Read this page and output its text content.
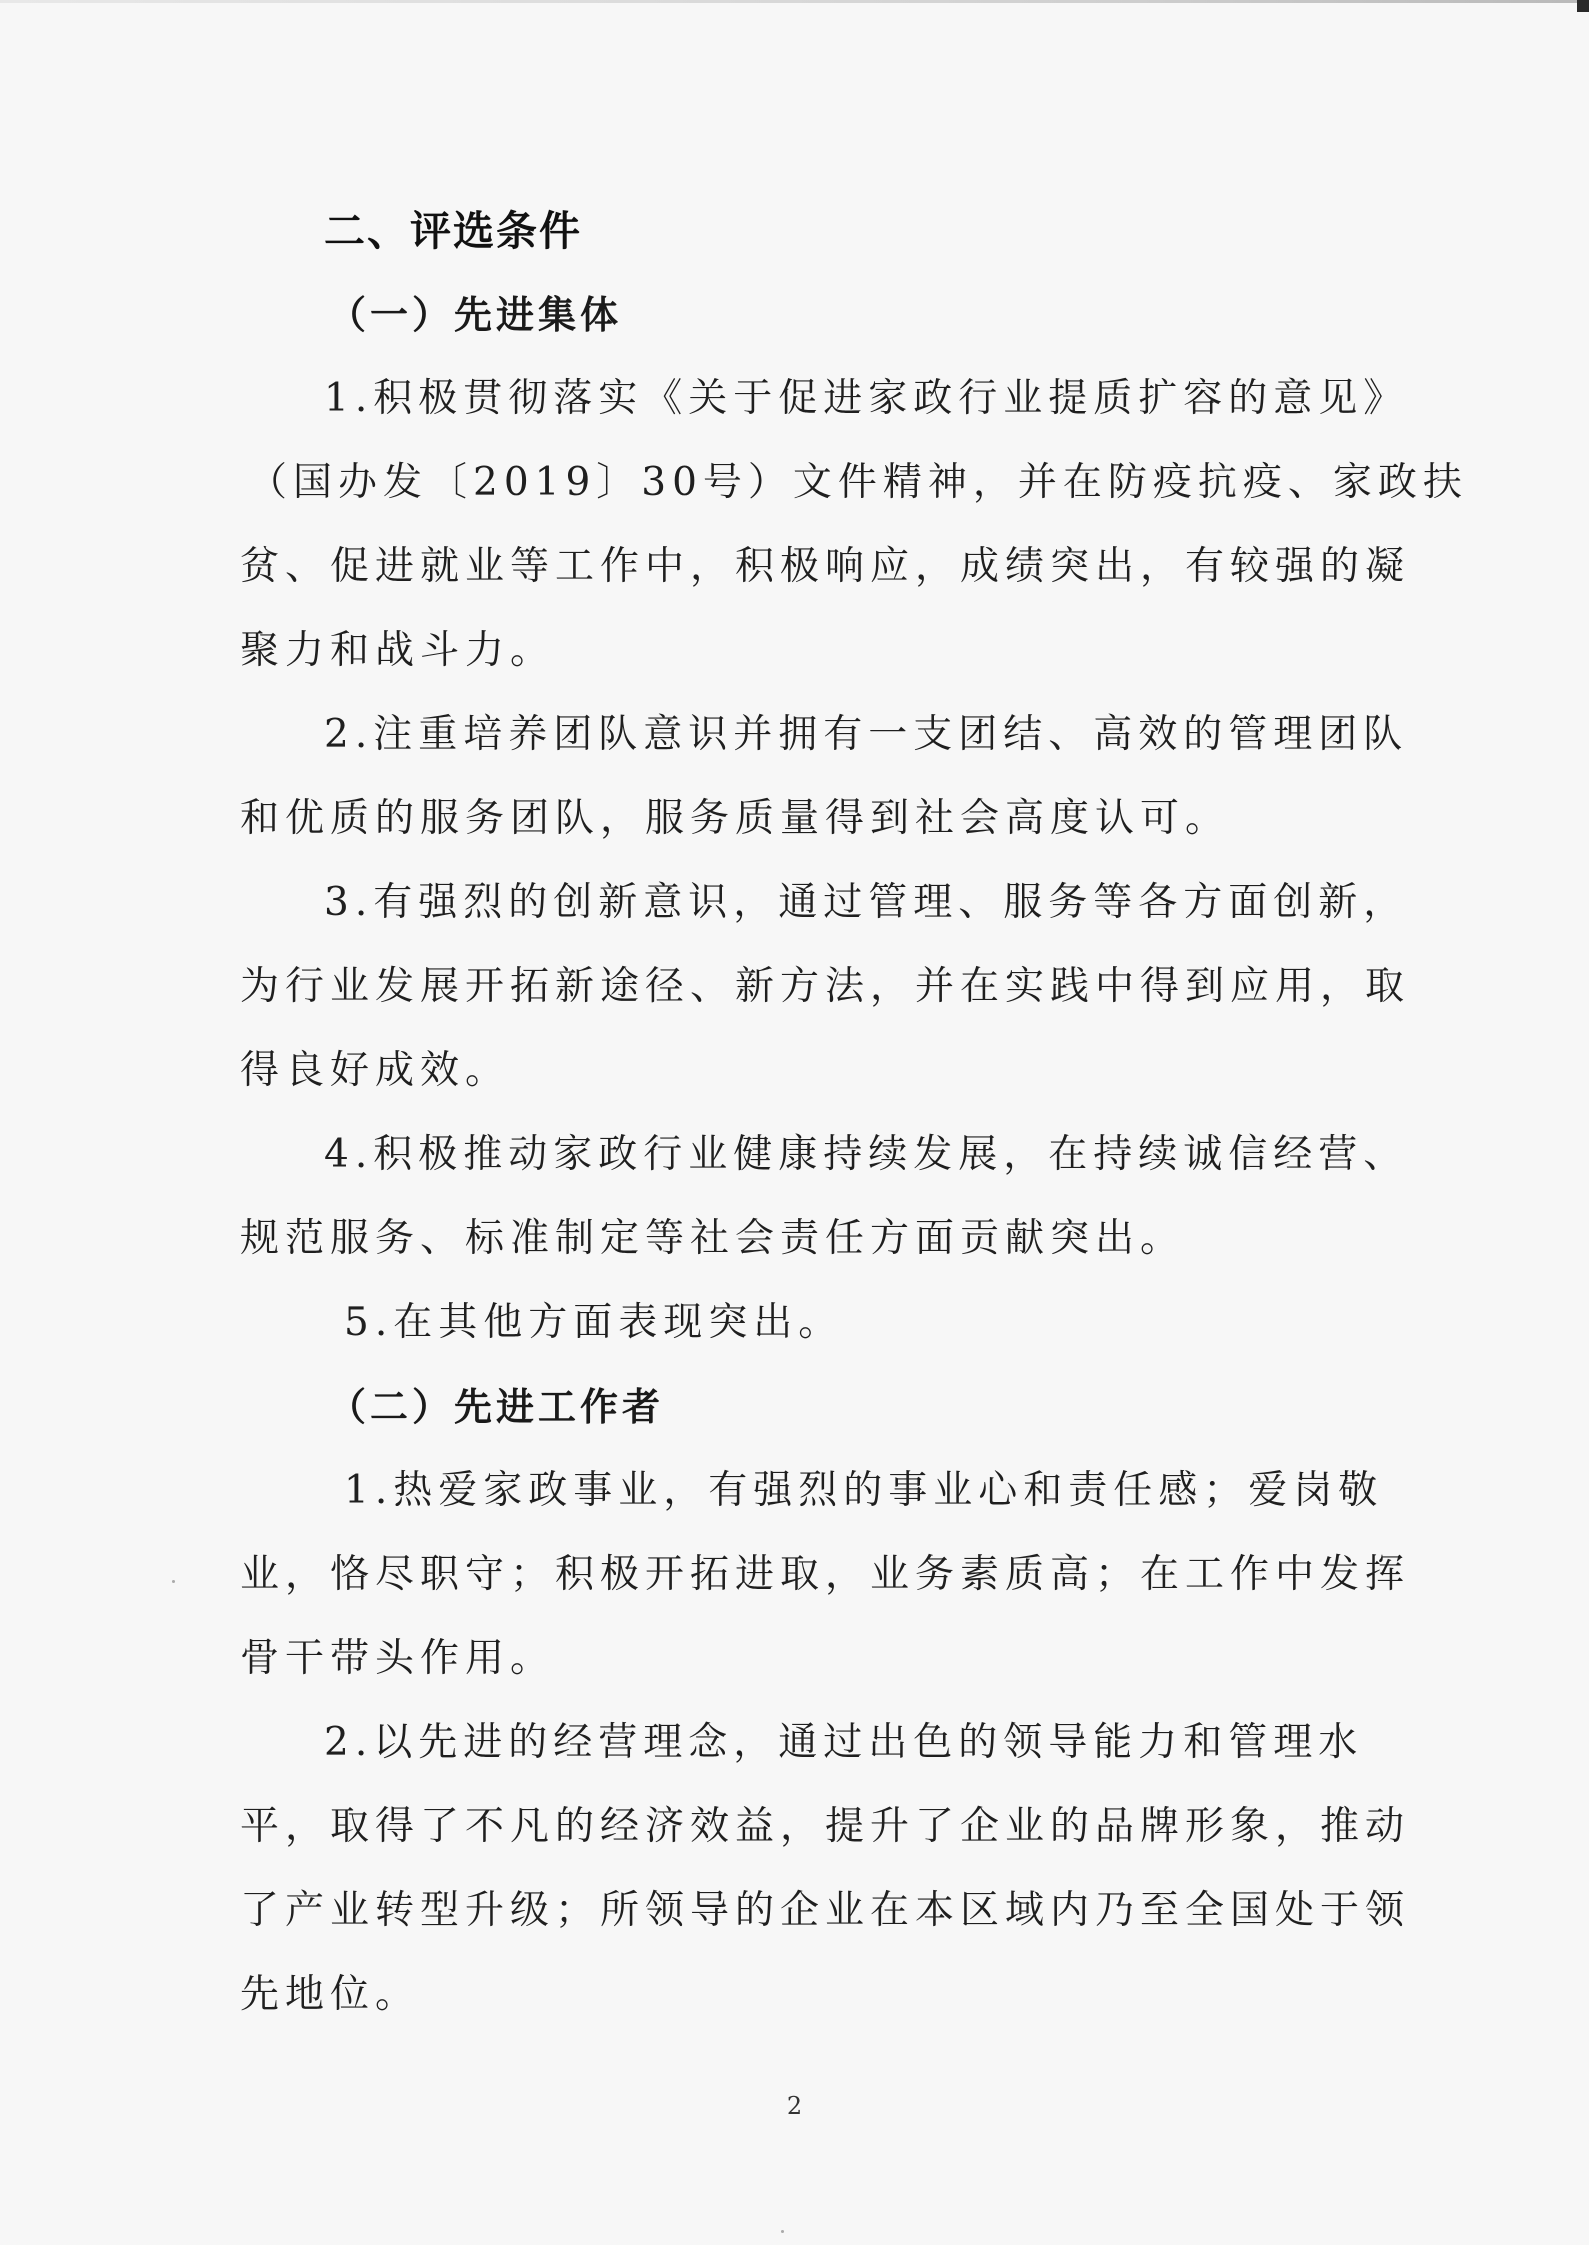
二、评选条件
（一）先进集体
1.积极贯彻落实《关于促进家政行业提质扩容的意见》
（国办发〔2019〕30号）文件精神，并在防疫抗疫、家政扶
贫、促进就业等工作中，积极响应，成绩突出，有较强的凝
聚力和战斗力。
2.注重培养团队意识并拥有一支团结、高效的管理团队
和优质的服务团队，服务质量得到社会高度认可。
3.有强烈的创新意识，通过管理、服务等各方面创新，
为行业发展开拓新途径、新方法，并在实践中得到应用，取
得良好成效。
4.积极推动家政行业健康持续发展，在持续诚信经营、
规范服务、标准制定等社会责任方面贡献突出。
5.在其他方面表现突出。
（二）先进工作者
1.热爱家政事业，有强烈的事业心和责任感；爱岗敬
业，恪尽职守；积极开拓进取，业务素质高；在工作中发挥
骨干带头作用。
2.以先进的经营理念，通过出色的领导能力和管理水
平，取得了不凡的经济效益，提升了企业的品牌形象，推动
了产业转型升级；所领导的企业在本区域内乃至全国处于领
先地位。
2
